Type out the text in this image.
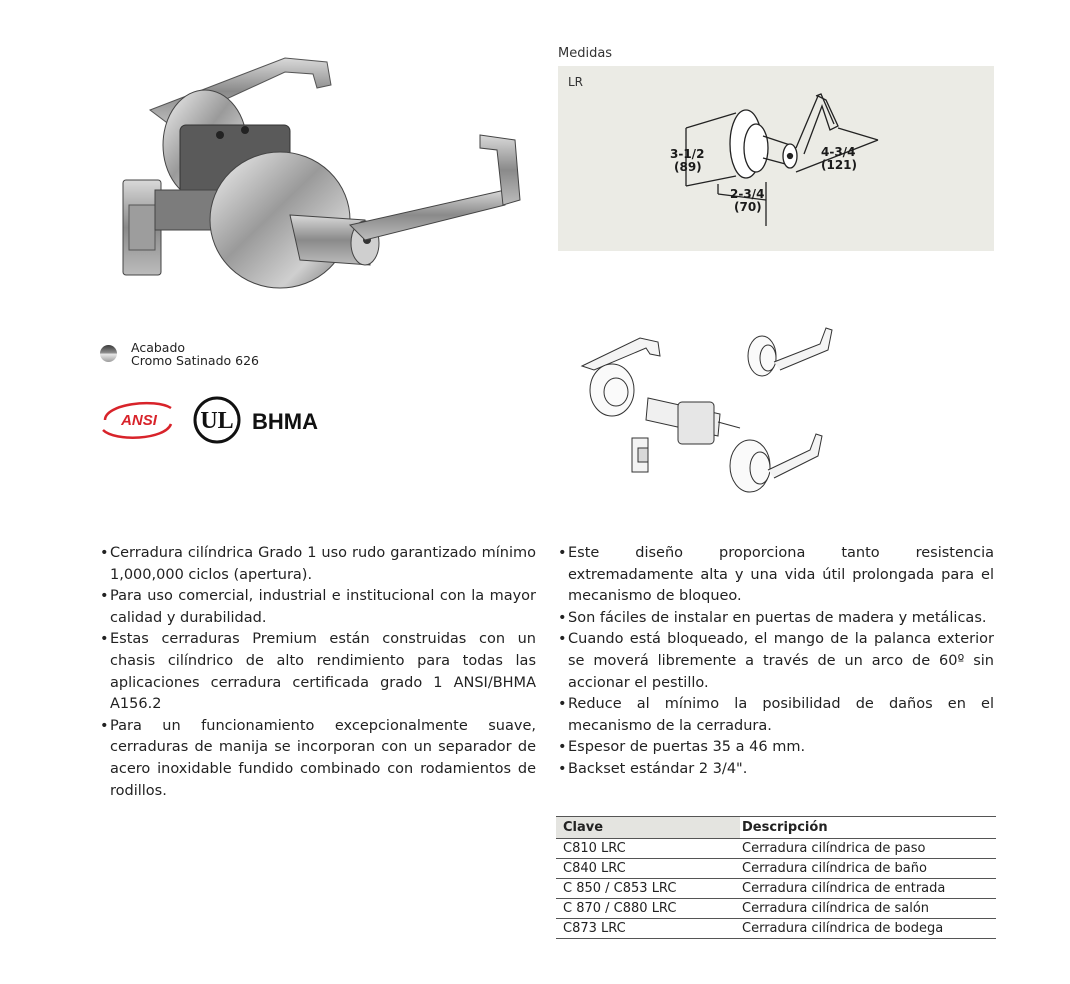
Medidas
LR
3-1/2
(89)
2-3/4
(70)
4-3/4
(121)
Acabado
Cromo Satinado 626
ANSI UL BHMA
• Cerradura cilíndrica Grado 1 uso rudo garantizado mínimo 1,000,000 ciclos (apertura).
• Para uso comercial, industrial e institucional con la mayor calidad y durabilidad.
• Estas cerraduras Premium están construidas con un chasis cilíndrico de alto rendimiento para todas las aplicaciones cerradura certificada grado 1 ANSI/BHMA A156.2
• Para un funcionamiento excepcionalmente suave, cerraduras de manija se incorporan con un separador de acero inoxidable fundido combinado con rodamientos de rodillos.
• Este diseño proporciona tanto resistencia extremadamente alta y una vida útil prolongada para el mecanismo de bloqueo.
• Son fáciles de instalar en puertas de madera y metálicas.
• Cuando está bloqueado, el mango de la palanca exterior se moverá libremente a través de un arco de 60º sin accionar el pestillo.
• Reduce al mínimo la posibilidad de daños en el mecanismo de la cerradura.
• Espesor de puertas 35 a 46 mm.
• Backset estándar 2 3/4".
Clave	Descripción
C810 LRC	Cerradura cilíndrica de paso
C840 LRC	Cerradura cilíndrica de baño
C 850 / C853 LRC	Cerradura cilíndrica de entrada
C 870 / C880 LRC	Cerradura cilíndrica de salón
C873 LRC	Cerradura cilíndrica de bodega
